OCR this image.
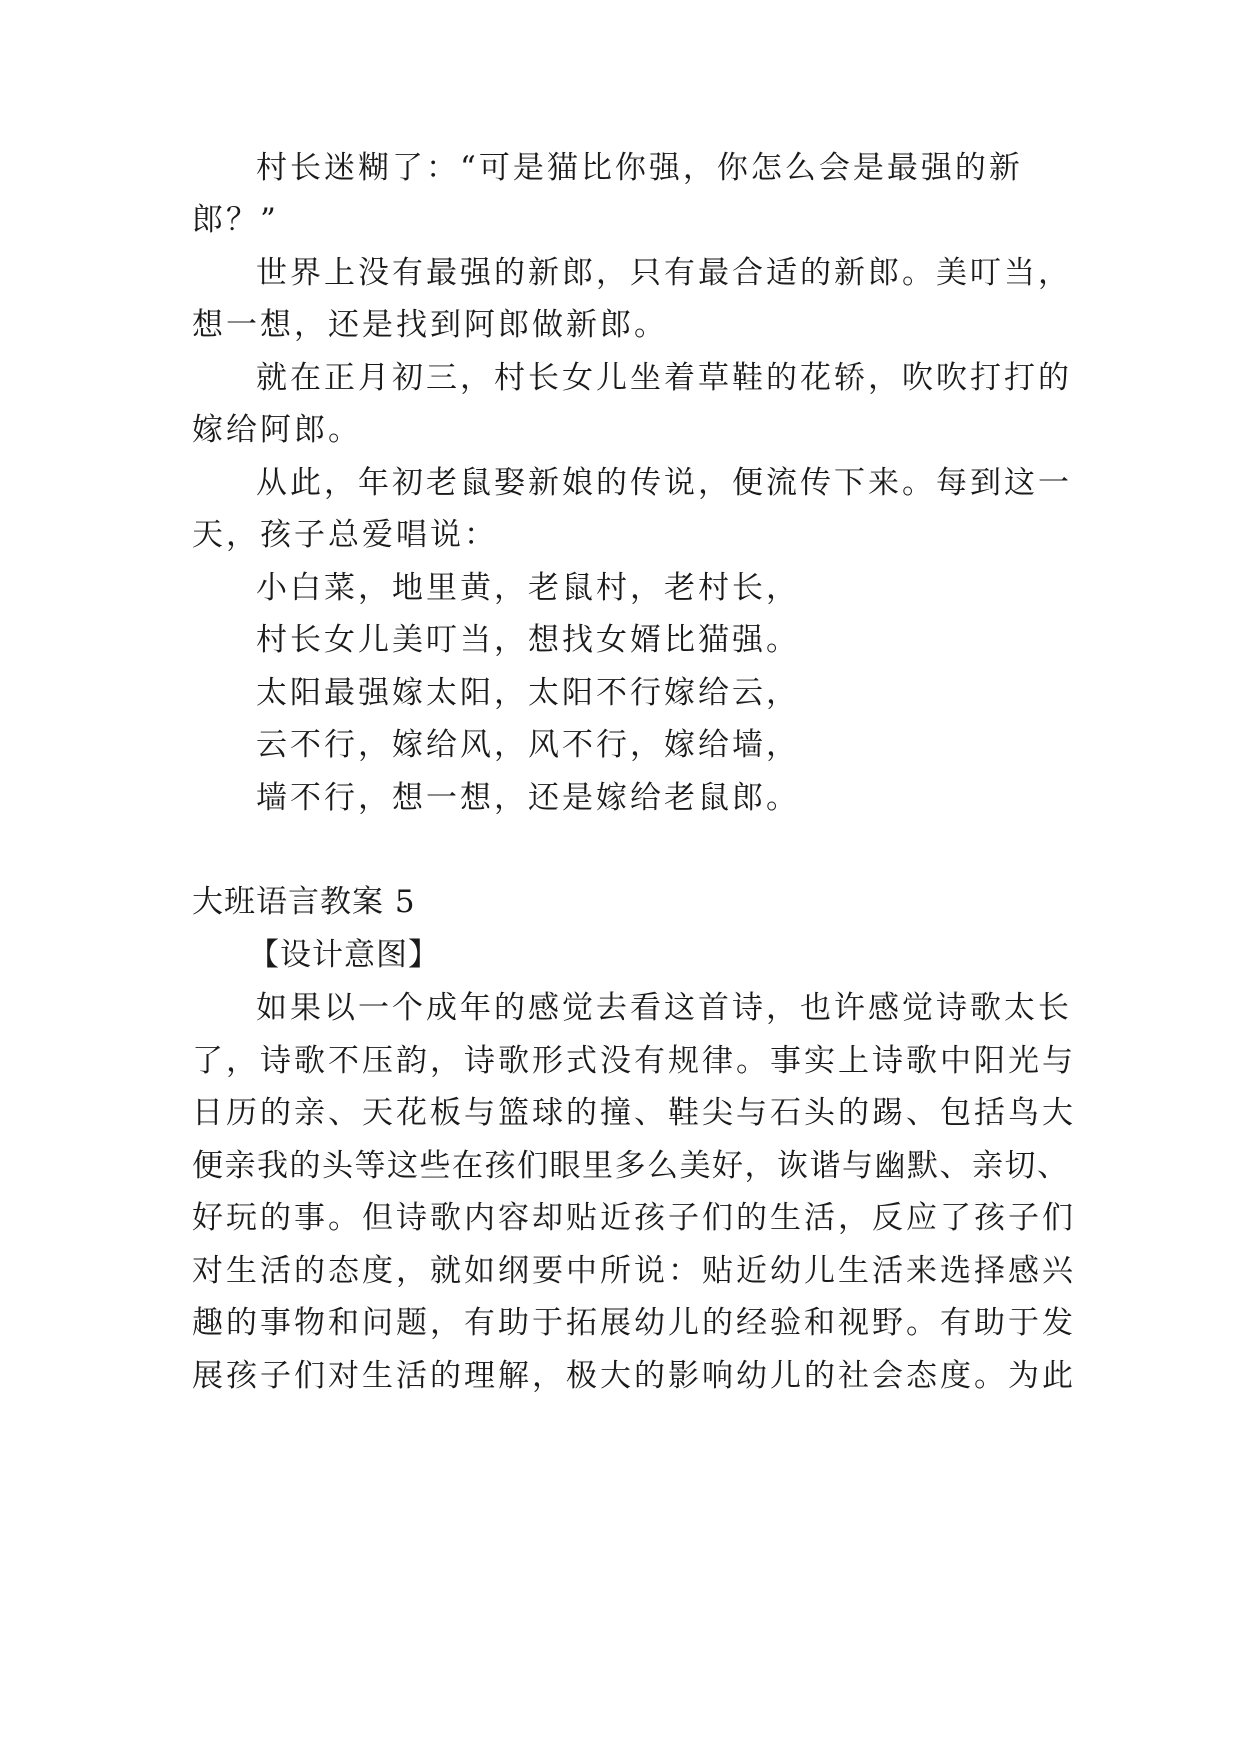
村长迷糊了：“可是猫比你强，你怎么会是最强的新
郎？”
世界上没有最强的新郎，只有最合适的新郎。美叮当，
想一想，还是找到阿郎做新郎。
就在正月初三，村长女儿坐着草鞋的花轿，吹吹打打的
嫁给阿郎。
从此，年初老鼠娶新娘的传说，便流传下来。每到这一
天，孩子总爱唱说：
小白菜，地里黄，老鼠村，老村长，
村长女儿美叮当，想找女婿比猫强。
太阳最强嫁太阳，太阳不行嫁给云，
云不行，嫁给风，风不行，嫁给墙，
墙不行，想一想，还是嫁给老鼠郎。
大班语言教案 5
【设计意图】
如果以一个成年的感觉去看这首诗，也许感觉诗歌太长
了，诗歌不压韵，诗歌形式没有规律。事实上诗歌中阳光与
日历的亲、天花板与篮球的撞、鞋尖与石头的踢、包括鸟大
便亲我的头等这些在孩们眼里多么美好，诙谐与幽默、亲切、
好玩的事。但诗歌内容却贴近孩子们的生活，反应了孩子们
对生活的态度，就如纲要中所说：贴近幼儿生活来选择感兴
趣的事物和问题，有助于拓展幼儿的经验和视野。有助于发
展孩子们对生活的理解，极大的影响幼儿的社会态度。为此
